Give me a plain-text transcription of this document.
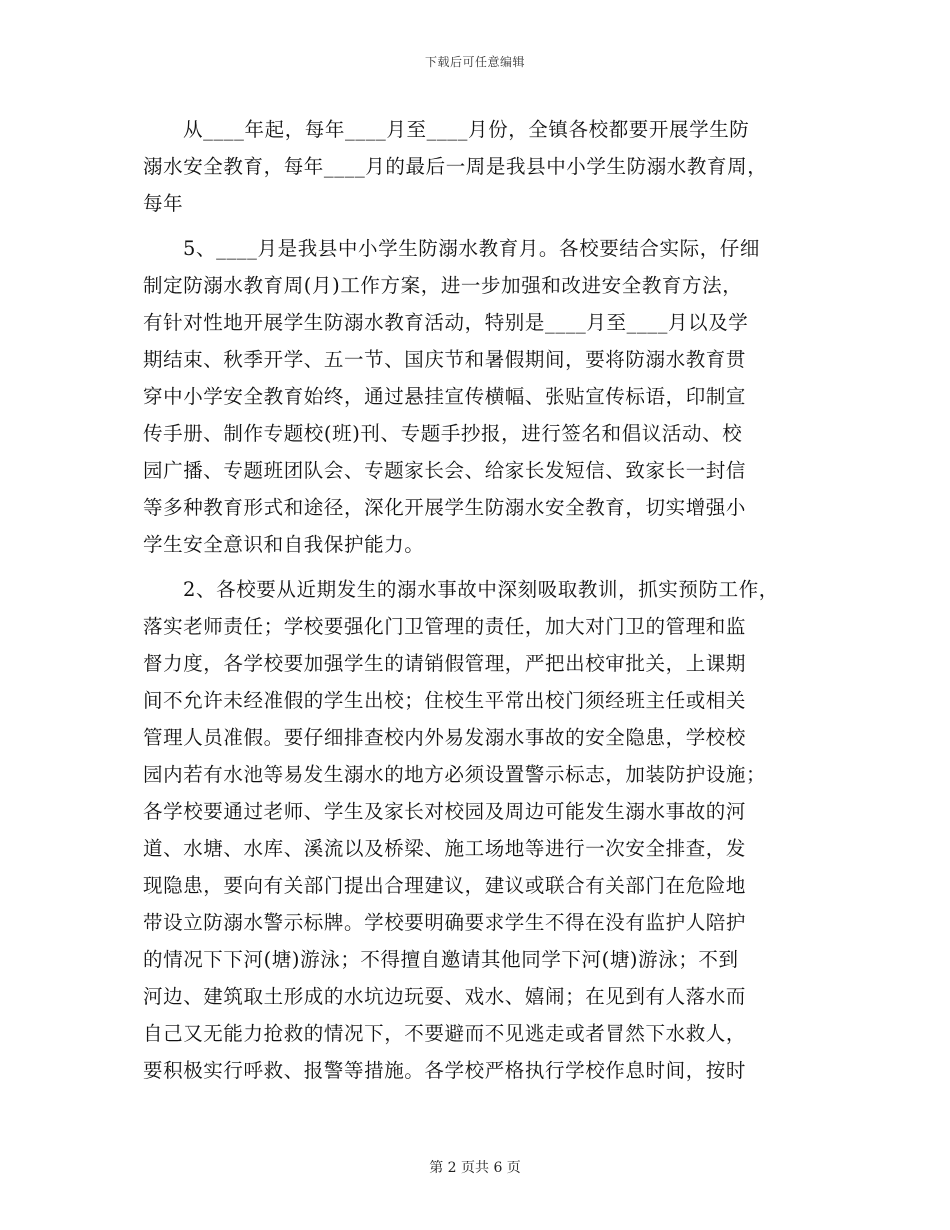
下载后可任意编辑
从____年起，每年____月至____月份，全镇各校都要开展学生防
溺水安全教育，每年____月的最后一周是我县中小学生防溺水教育周，
每年
5、____月是我县中小学生防溺水教育月。各校要结合实际，仔细
制定防溺水教育周(月)工作方案，进一步加强和改进安全教育方法，
有针对性地开展学生防溺水教育活动，特别是____月至____月以及学
期结束、秋季开学、五一节、国庆节和暑假期间，要将防溺水教育贯
穿中小学安全教育始终，通过悬挂宣传横幅、张贴宣传标语，印制宣
传手册、制作专题校(班)刊、专题手抄报，进行签名和倡议活动、校
园广播、专题班团队会、专题家长会、给家长发短信、致家长一封信
等多种教育形式和途径，深化开展学生防溺水安全教育，切实增强小
学生安全意识和自我保护能力。
2、各校要从近期发生的溺水事故中深刻吸取教训，抓实预防工作，
落实老师责任；学校要强化门卫管理的责任，加大对门卫的管理和监
督力度，各学校要加强学生的请销假管理，严把出校审批关，上课期
间不允许未经准假的学生出校；住校生平常出校门须经班主任或相关
管理人员准假。要仔细排查校内外易发溺水事故的安全隐患，学校校
园内若有水池等易发生溺水的地方必须设置警示标志，加装防护设施；
各学校要通过老师、学生及家长对校园及周边可能发生溺水事故的河
道、水塘、水库、溪流以及桥梁、施工场地等进行一次安全排查，发
现隐患，要向有关部门提出合理建议，建议或联合有关部门在危险地
带设立防溺水警示标牌。学校要明确要求学生不得在没有监护人陪护
的情况下下河(塘)游泳；不得擅自邀请其他同学下河(塘)游泳；不到
河边、建筑取土形成的水坑边玩耍、戏水、嬉闹；在见到有人落水而
自己又无能力抢救的情况下，不要避而不见逃走或者冒然下水救人，
要积极实行呼救、报警等措施。各学校严格执行学校作息时间，按时
第 2 页共 6 页
